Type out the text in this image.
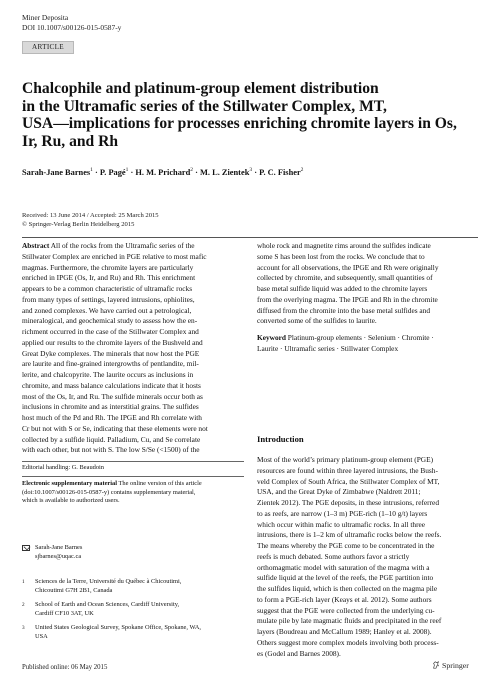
Miner Deposita
DOI 10.1007/s00126-015-0587-y
ARTICLE
Chalcophile and platinum-group element distribution
in the Ultramafic series of the Stillwater Complex, MT,
USA—implications for processes enriching chromite layers in Os,
Ir, Ru, and Rh
Sarah-Jane Barnes$^1$ · P. Pagé$^1$ · H. M. Prichard$^2$ · M. L. Zientek$^3$ · P. C. Fisher$^2$
Received: 13 June 2014 / Accepted: 25 March 2015
© Springer-Verlag Berlin Heidelberg 2015
Abstract All of the rocks from the Ultramafic series of the
Stillwater Complex are enriched in PGE relative to most mafic
magmas. Furthermore, the chromite layers are particularly
enriched in IPGE (Os, Ir, and Ru) and Rh. This enrichment
appears to be a common characteristic of ultramafic rocks
from many types of settings, layered intrusions, ophiolites,
and zoned complexes. We have carried out a petrological,
mineralogical, and geochemical study to assess how the en-
richment occurred in the case of the Stillwater Complex and
applied our results to the chromite layers of the Bushveld and
Great Dyke complexes. The minerals that now host the PGE
are laurite and fine-grained intergrowths of pentlandite, mil-
lerite, and chalcopyrite. The laurite occurs as inclusions in
chromite, and mass balance calculations indicate that it hosts
most of the Os, Ir, and Ru. The sulfide minerals occur both as
inclusions in chromite and as interstitial grains. The sulfides
host much of the Pd and Rh. The IPGE and Rh correlate with
Cr but not with S or Se, indicating that these elements were not
collected by a sulfide liquid. Palladium, Cu, and Se correlate
with each other, but not with S. The low S/Se (<1500) of the
Editorial handling: G. Beaudoin
Electronic supplementary material The online version of this article
(doi:10.1007/s00126-015-0587-y) contains supplementary material,
which is available to authorized users.
Sarah-Jane Barnes
sjbarnes@uqac.ca
1 Sciences de la Terre, Université du Québec à Chicoutimi,
Chicoutimi G7H 2B1, Canada
2 School of Earth and Ocean Sciences, Cardiff University,
Cardiff CF10 3AT, UK
3 United States Geological Survey, Spokane Office, Spokane, WA,
USA
whole rock and magnetite rims around the sulfides indicate
some S has been lost from the rocks. We conclude that to
account for all observations, the IPGE and Rh were originally
collected by chromite, and subsequently, small quantities of
base metal sulfide liquid was added to the chromite layers
from the overlying magma. The IPGE and Rh in the chromite
diffused from the chromite into the base metal sulfides and
converted some of the sulfides to laurite.
Keyword Platinum-group elements · Selenium · Chromite ·
Laurite · Ultramafic series · Stillwater Complex
Introduction
Most of the world’s primary platinum-group element (PGE)
resources are found within three layered intrusions, the Bush-
veld Complex of South Africa, the Stillwater Complex of MT,
USA, and the Great Dyke of Zimbabwe (Naldrett 2011;
Zientek 2012). The PGE deposits, in these intrusions, referred
to as reefs, are narrow (1–3 m) PGE-rich (1–10 g/t) layers
which occur within mafic to ultramafic rocks. In all three
intrusions, there is 1–2 km of ultramafic rocks below the reefs.
The means whereby the PGE come to be concentrated in the
reefs is much debated. Some authors favor a strictly
orthomagmatic model with saturation of the magma with a
sulfide liquid at the level of the reefs, the PGE partition into
the sulfides liquid, which is then collected on the magma pile
to form a PGE-rich layer (Keays et al. 2012). Some authors
suggest that the PGE were collected from the underlying cu-
mulate pile by late magmatic fluids and precipitated in the reef
layers (Boudreau and McCallum 1989; Hanley et al. 2008).
Others suggest more complex models involving both process-
es (Godel and Barnes 2008).
Published online: 06 May 2015	Springer
